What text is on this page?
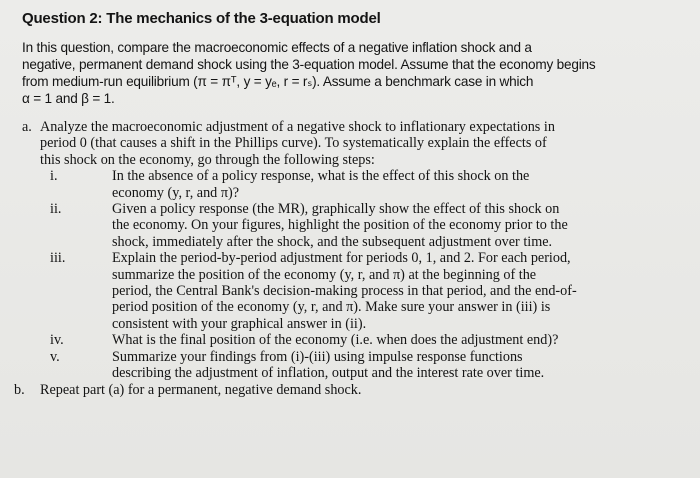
Question 2: The mechanics of the 3-equation model
In this question, compare the macroeconomic effects of a negative inflation shock and a
negative, permanent demand shock using the 3-equation model. Assume that the economy begins
from medium-run equilibrium (π = πᵀ, y = yₑ, r = rₛ). Assume a benchmark case in which
α = 1 and β = 1.
a. Analyze the macroeconomic adjustment of a negative shock to inflationary expectations in
period 0 (that causes a shift in the Phillips curve). To systematically explain the effects of
this shock on the economy, go through the following steps:
i.	In the absence of a policy response, what is the effect of this shock on the
economy (y, r, and π)?
ii.	Given a policy response (the MR), graphically show the effect of this shock on
the economy. On your figures, highlight the position of the economy prior to the
shock, immediately after the shock, and the subsequent adjustment over time.
iii.	Explain the period-by-period adjustment for periods 0, 1, and 2. For each period,
summarize the position of the economy (y, r, and π) at the beginning of the
period, the Central Bank's decision-making process in that period, and the end-of-
period position of the economy (y, r, and π). Make sure your answer in (iii) is
consistent with your graphical answer in (ii).
iv.	What is the final position of the economy (i.e. when does the adjustment end)?
v.	Summarize your findings from (i)-(iii) using impulse response functions
describing the adjustment of inflation, output and the interest rate over time.
b.	Repeat part (a) for a permanent, negative demand shock.
